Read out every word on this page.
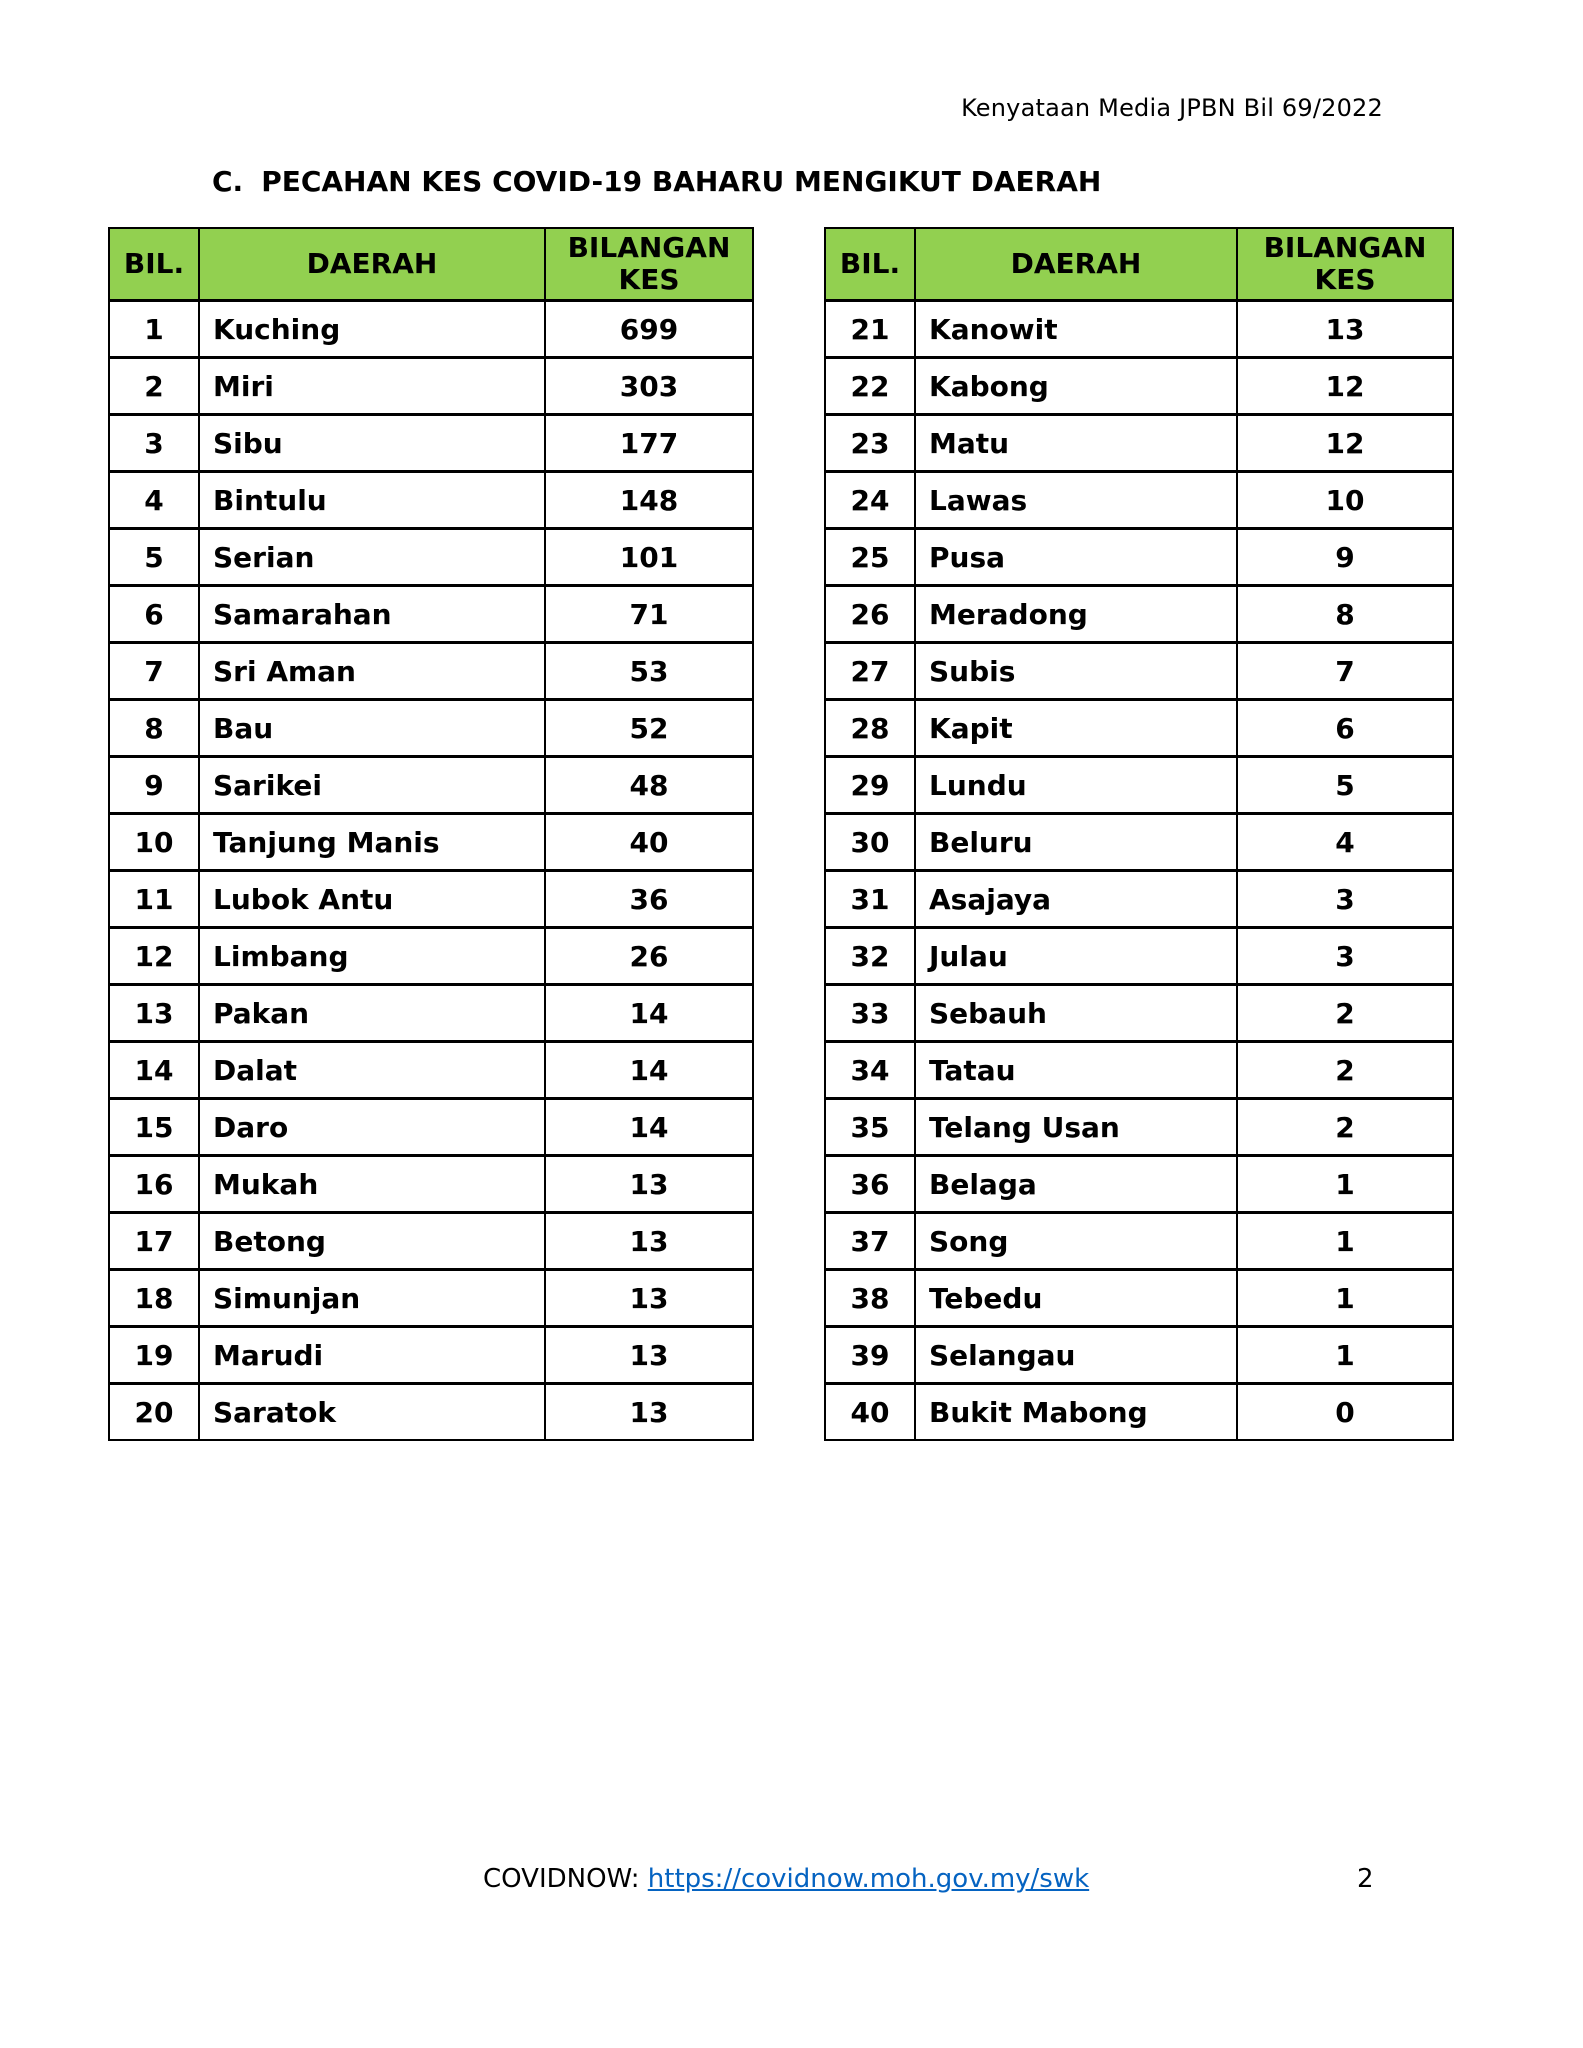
Kenyataan Media JPBN Bil 69/2022
C. PECAHAN KES COVID-19 BAHARU MENGIKUT DAERAH
BIL.	DAERAH	BILANGAN
KES
1	Kuching	699
2	Miri	303
3	Sibu	177
4	Bintulu	148
5	Serian	101
6	Samarahan	71
7	Sri Aman	53
8	Bau	52
9	Sarikei	48
10	Tanjung Manis	40
11	Lubok Antu	36
12	Limbang	26
13	Pakan	14
14	Dalat	14
15	Daro	14
16	Mukah	13
17	Betong	13
18	Simunjan	13
19	Marudi	13
20	Saratok	13
BIL.	DAERAH	BILANGAN
KES
21	Kanowit	13
22	Kabong	12
23	Matu	12
24	Lawas	10
25	Pusa	9
26	Meradong	8
27	Subis	7
28	Kapit	6
29	Lundu	5
30	Beluru	4
31	Asajaya	3
32	Julau	3
33	Sebauh	2
34	Tatau	2
35	Telang Usan	2
36	Belaga	1
37	Song	1
38	Tebedu	1
39	Selangau	1
40	Bukit Mabong	0
COVIDNOW: https://covidnow.moh.gov.my/swk	2
